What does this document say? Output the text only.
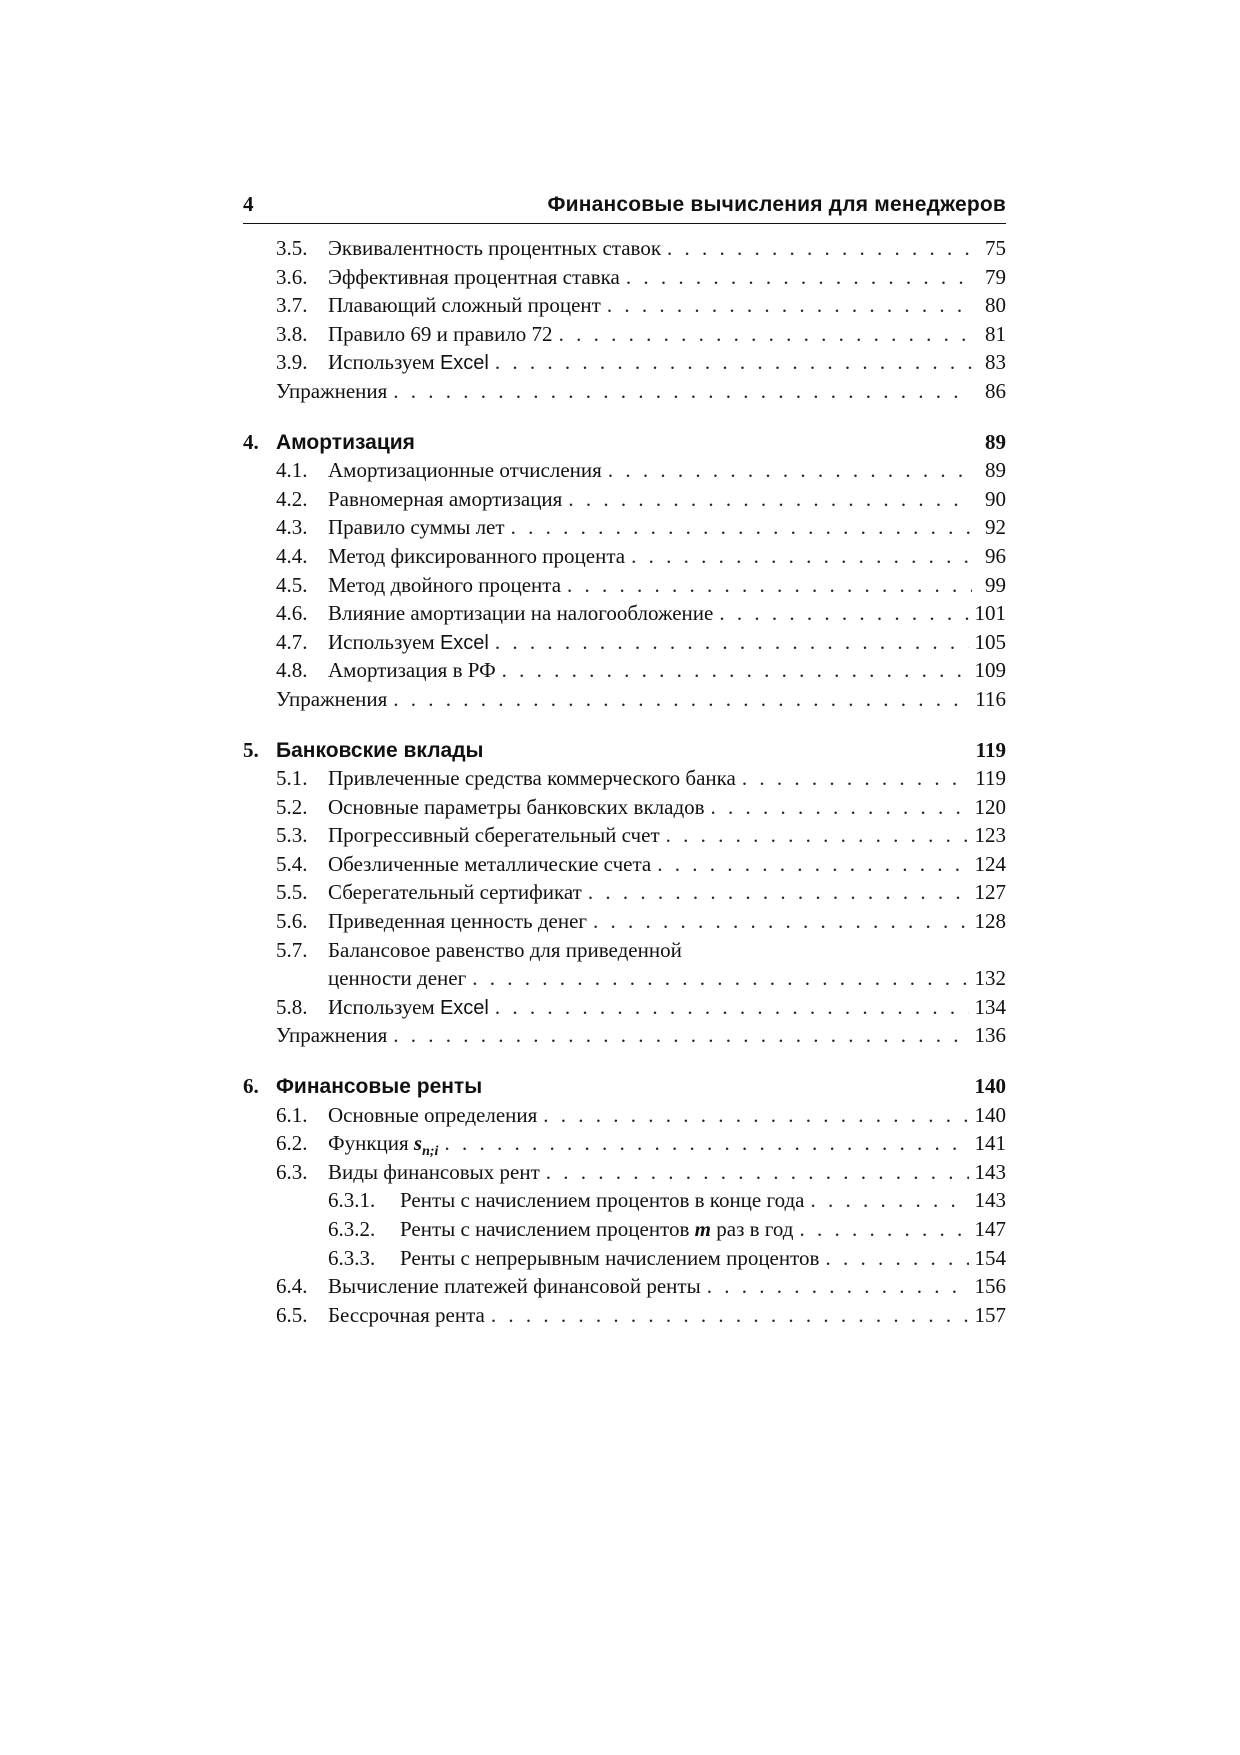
4	Финансовые вычисления для менеджеров
3.5. Эквивалентность процентных ставок . . .	75
3.6. Эффективная процентная ставка . . .	79
3.7. Плавающий сложный процент . . .	80
3.8. Правило 69 и правило 72 . . .	81
3.9. Используем Excel . . .	83
Упражнения . . .	86
4. Амортизация	89
4.1. Амортизационные отчисления . . .	89
4.2. Равномерная амортизация . . .	90
4.3. Правило суммы лет . . .	92
4.4. Метод фиксированного процента . . .	96
4.5. Метод двойного процента . . .	99
4.6. Влияние амортизации на налогообложение . . .	101
4.7. Используем Excel . . .	105
4.8. Амортизация в РФ . . .	109
Упражнения . . .	116
5. Банковские вклады	119
5.1. Привлеченные средства коммерческого банка . . .	119
5.2. Основные параметры банковских вкладов . . .	120
5.3. Прогрессивный сберегательный счет . . .	123
5.4. Обезличенные металлические счета . . .	124
5.5. Сберегательный сертификат . . .	127
5.6. Приведенная ценность денег . . .	128
5.7. Балансовое равенство для приведенной
ценности денег . . .	132
5.8. Используем Excel . . .	134
Упражнения . . .	136
6. Финансовые ренты	140
6.1. Основные определения . . .	140
6.2. Функция $s_{n;i}$ . . .	141
6.3. Виды финансовых рент . . .	143
6.3.1.	Ренты с начислением процентов в конце года . . .	143
6.3.2.	Ренты с начислением процентов m раз в год . . .	147
6.3.3.	Ренты с непрерывным начислением процентов . . .	154
6.4. Вычисление платежей финансовой ренты . . .	156
6.5. Бессрочная рента . . .	157
